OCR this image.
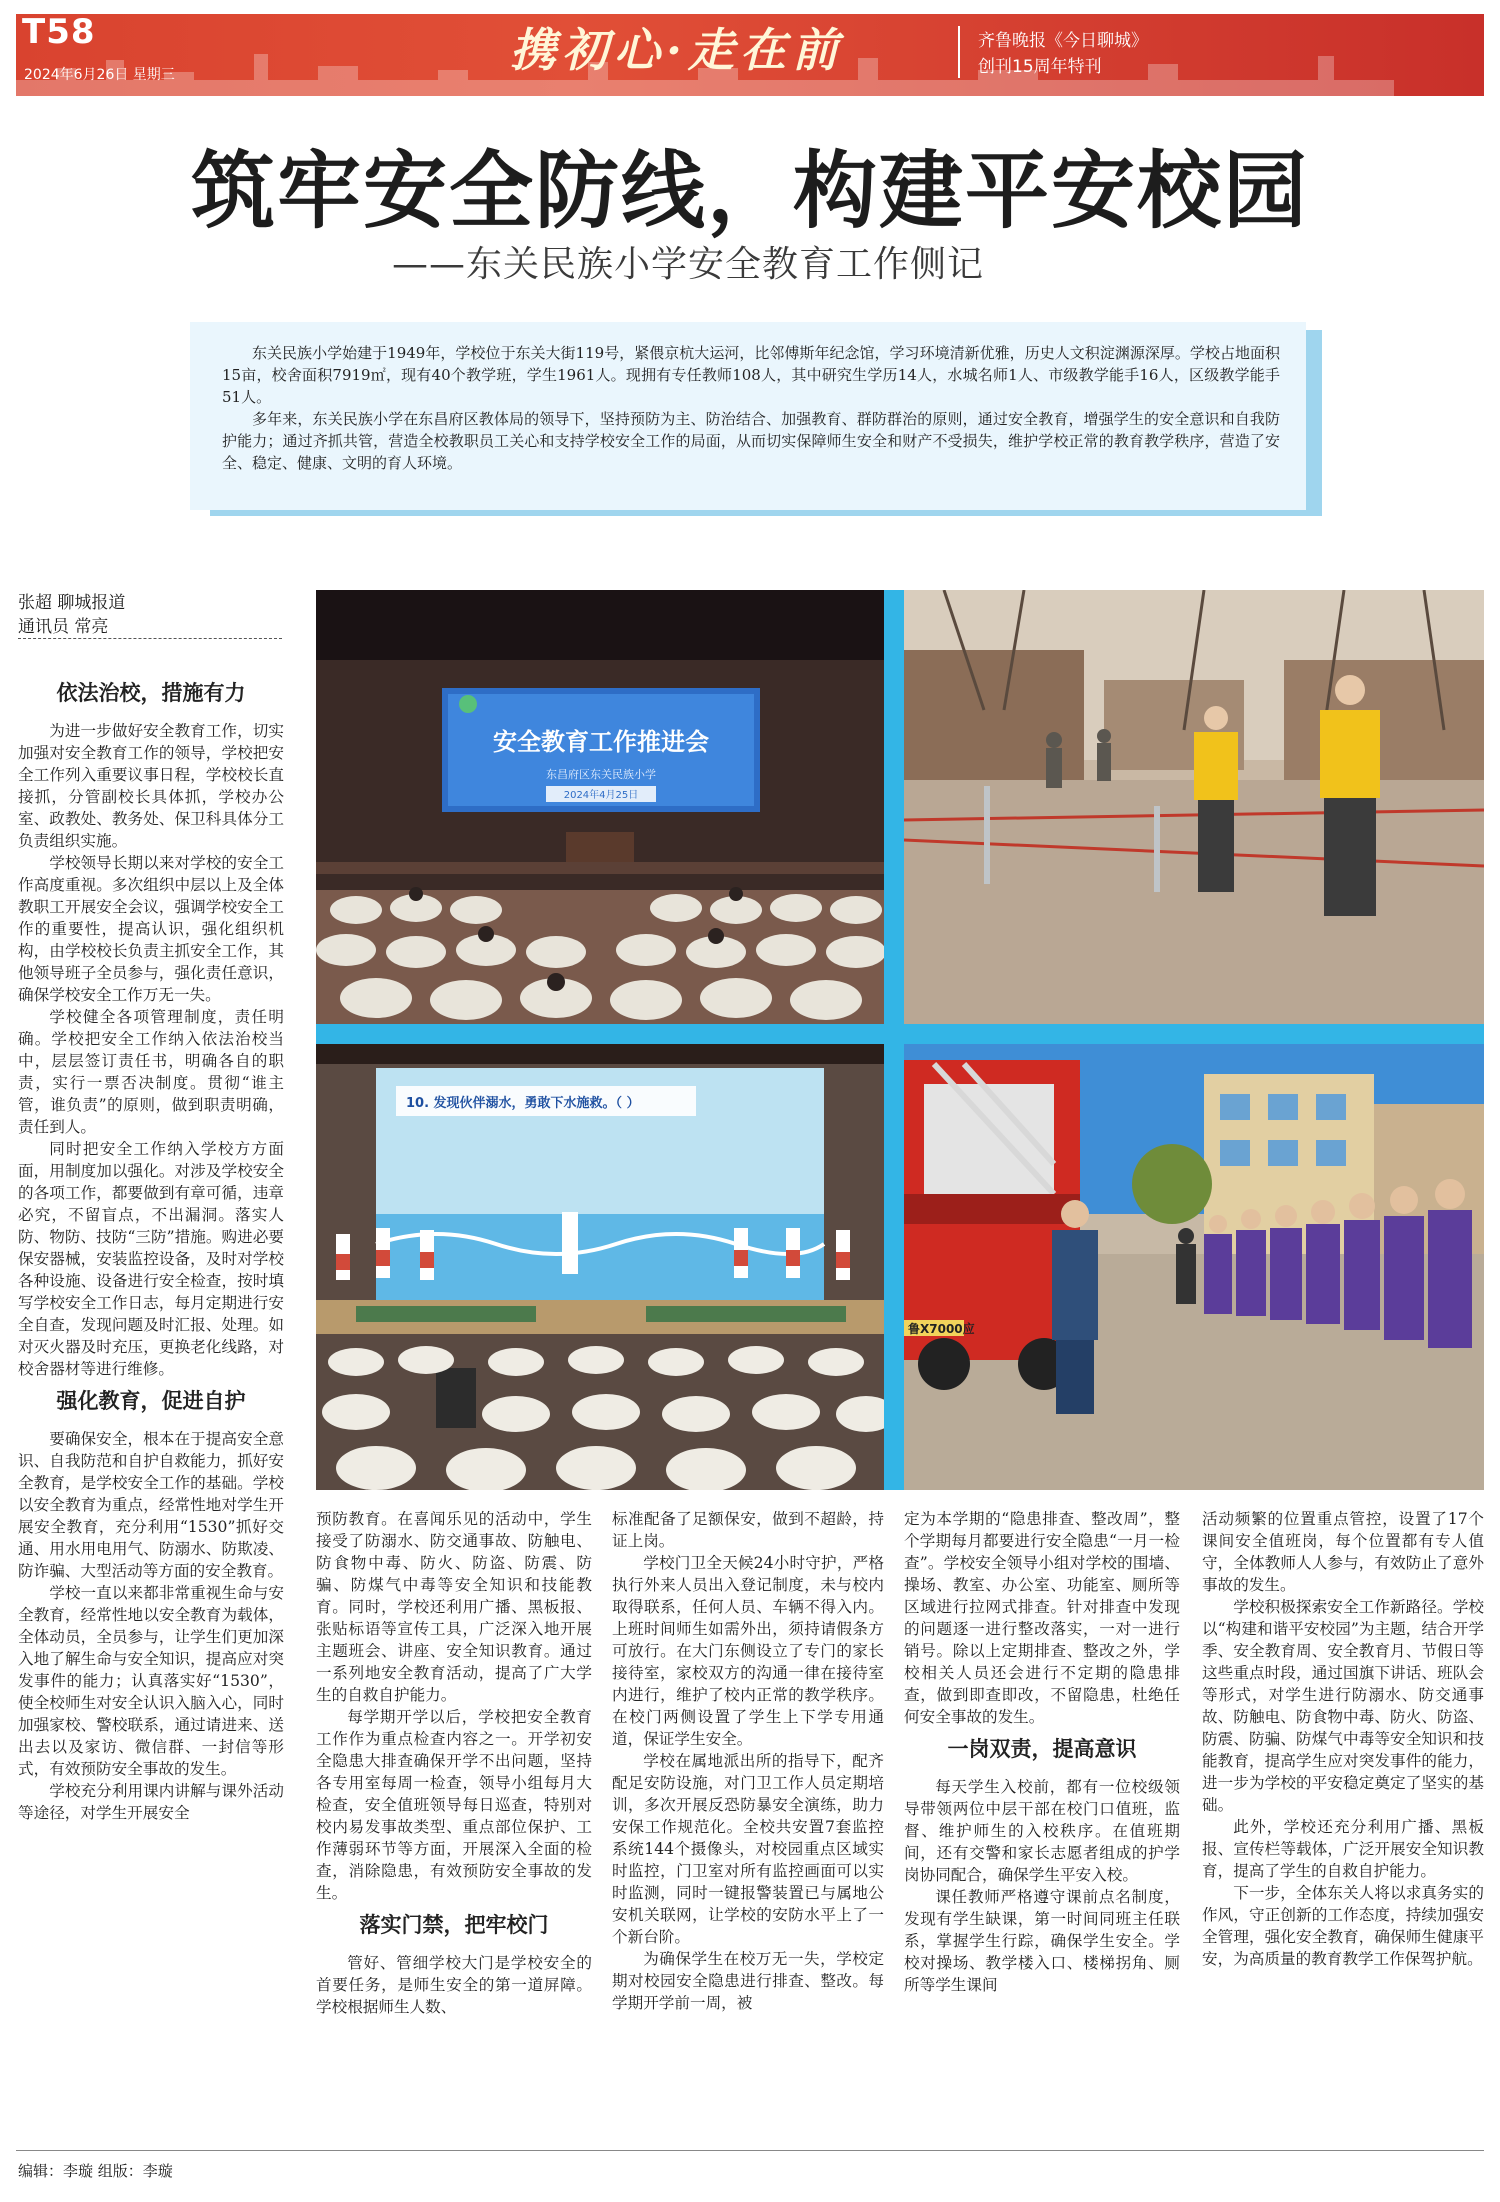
T58
2024年6月26日 星期三	携初心·走在前	齐鲁晚报《今日聊城》
创刊15周年特刊
筑牢安全防线，构建平安校园
——东关民族小学安全教育工作侧记

东关民族小学始建于1949年，学校位于东关大街119号，紧偎京杭大运河，比邻傅斯年纪念馆，学习环境清新优雅，历史人文积淀渊源深厚。学校占地面积15亩，校舍面积7919㎡，现有40个教学班，学生1961人。现拥有专任教师108人，其中研究生学历14人，水城名师1人、市级教学能手16人，区级教学能手51人。

多年来，东关民族小学在东昌府区教体局的领导下，坚持预防为主、防治结合、加强教育、群防群治的原则，通过安全教育，增强学生的安全意识和自我防护能力；通过齐抓共管，营造全校教职员工关心和支持学校安全工作的局面，从而切实保障师生安全和财产不受损失，维护学校正常的教育教学秩序，营造了安全、稳定、健康、文明的育人环境。

张超 聊城报道
通讯员 常亮
依法治校，措施有力

为进一步做好安全教育工作，切实加强对安全教育工作的领导，学校把安全工作列入重要议事日程，学校校长直接抓，分管副校长具体抓，学校办公室、政教处、教务处、保卫科具体分工负责组织实施。

学校领导长期以来对学校的安全工作高度重视。多次组织中层以上及全体教职工开展安全会议，强调学校安全工作的重要性，提高认识，强化组织机构，由学校校长负责主抓安全工作，其他领导班子全员参与，强化责任意识，确保学校安全工作万无一失。

学校健全各项管理制度，责任明确。学校把安全工作纳入依法治校当中，层层签订责任书，明确各自的职责，实行一票否决制度。贯彻“谁主管，谁负责”的原则，做到职责明确，责任到人。

同时把安全工作纳入学校方方面面，用制度加以强化。对涉及学校安全的各项工作，都要做到有章可循，违章必究，不留盲点，不出漏洞。落实人防、物防、技防“三防”措施。购进必要保安器械，安装监控设备，及时对学校各种设施、设备进行安全检查，按时填写学校安全工作日志，每月定期进行安全自查，发现问题及时汇报、处理。如对灭火器及时充压，更换老化线路，对校舍器材等进行维修。

强化教育，促进自护

要确保安全，根本在于提高安全意识、自我防范和自护自救能力，抓好安全教育，是学校安全工作的基础。学校以安全教育为重点，经常性地对学生开展安全教育，充分利用“1530”抓好交通、用水用电用气、防溺水、防欺凌、防诈骗、大型活动等方面的安全教育。

学校一直以来都非常重视生命与安全教育，经常性地以安全教育为载体，全体动员，全员参与，让学生们更加深入地了解生命与安全知识，提高应对突发事件的能力；认真落实好“1530”，使全校师生对安全认识入脑入心，同时加强家校、警校联系，通过请进来、送出去以及家访、微信群、一封信等形式，有效预防安全事故的发生。

学校充分利用课内讲解与课外活动等途径，对学生开展安全

安全教育工作推进会
东昌府区东关民族小学
2024年4月25日
10. 发现伙伴溺水，勇敢下水施救。（ ）
鲁X7000应

预防教育。在喜闻乐见的活动中，学生接受了防溺水、防交通事故、防触电、防食物中毒、防火、防盗、防震、防骗、防煤气中毒等安全知识和技能教育。同时，学校还利用广播、黑板报、张贴标语等宣传工具，广泛深入地开展主题班会、讲座、安全知识教育。通过一系列地安全教育活动，提高了广大学生的自救自护能力。

每学期开学以后，学校把安全教育工作作为重点检查内容之一。开学初安全隐患大排查确保开学不出问题，坚持各专用室每周一检查，领导小组每月大检查，安全值班领导每日巡查，特别对校内易发事故类型、重点部位保护、工作薄弱环节等方面，开展深入全面的检查，消除隐患，有效预防安全事故的发生。

落实门禁，把牢校门

管好、管细学校大门是学校安全的首要任务，是师生安全的第一道屏障。学校根据师生人数、

标准配备了足额保安，做到不超龄，持证上岗。

学校门卫全天候24小时守护，严格执行外来人员出入登记制度，未与校内取得联系，任何人员、车辆不得入内。上班时间师生如需外出，须持请假条方可放行。在大门东侧设立了专门的家长接待室，家校双方的沟通一律在接待室内进行，维护了校内正常的教学秩序。在校门两侧设置了学生上下学专用通道，保证学生安全。

学校在属地派出所的指导下，配齐配足安防设施，对门卫工作人员定期培训，多次开展反恐防暴安全演练，助力安保工作规范化。全校共安置7套监控系统144个摄像头，对校园重点区域实时监控，门卫室对所有监控画面可以实时监测，同时一键报警装置已与属地公安机关联网，让学校的安防水平上了一个新台阶。

为确保学生在校万无一失，学校定期对校园安全隐患进行排查、整改。每学期开学前一周，被

定为本学期的“隐患排查、整改周”，整个学期每月都要进行安全隐患“一月一检查”。学校安全领导小组对学校的围墙、操场、教室、办公室、功能室、厕所等区域进行拉网式排查。针对排查中发现的问题逐一进行整改落实，一对一进行销号。除以上定期排查、整改之外，学校相关人员还会进行不定期的隐患排查，做到即查即改，不留隐患，杜绝任何安全事故的发生。

一岗双责，提高意识

每天学生入校前，都有一位校级领导带领两位中层干部在校门口值班，监督、维护师生的入校秩序。在值班期间，还有交警和家长志愿者组成的护学岗协同配合，确保学生平安入校。

课任教师严格遵守课前点名制度，发现有学生缺课，第一时间同班主任联系，掌握学生行踪，确保学生安全。学校对操场、教学楼入口、楼梯拐角、厕所等学生课间

活动频繁的位置重点管控，设置了17个课间安全值班岗，每个位置都有专人值守，全体教师人人参与，有效防止了意外事故的发生。

学校积极探索安全工作新路径。学校以“构建和谐平安校园”为主题，结合开学季、安全教育周、安全教育月、节假日等这些重点时段，通过国旗下讲话、班队会等形式，对学生进行防溺水、防交通事故、防触电、防食物中毒、防火、防盗、防震、防骗、防煤气中毒等安全知识和技能教育，提高学生应对突发事件的能力，进一步为学校的平安稳定奠定了坚实的基础。

此外，学校还充分利用广播、黑板报、宣传栏等载体，广泛开展安全知识教育，提高了学生的自救自护能力。

下一步，全体东关人将以求真务实的作风，守正创新的工作态度，持续加强安全管理，强化安全教育，确保师生健康平安，为高质量的教育教学工作保驾护航。

编辑：李璇 组版：李璇
